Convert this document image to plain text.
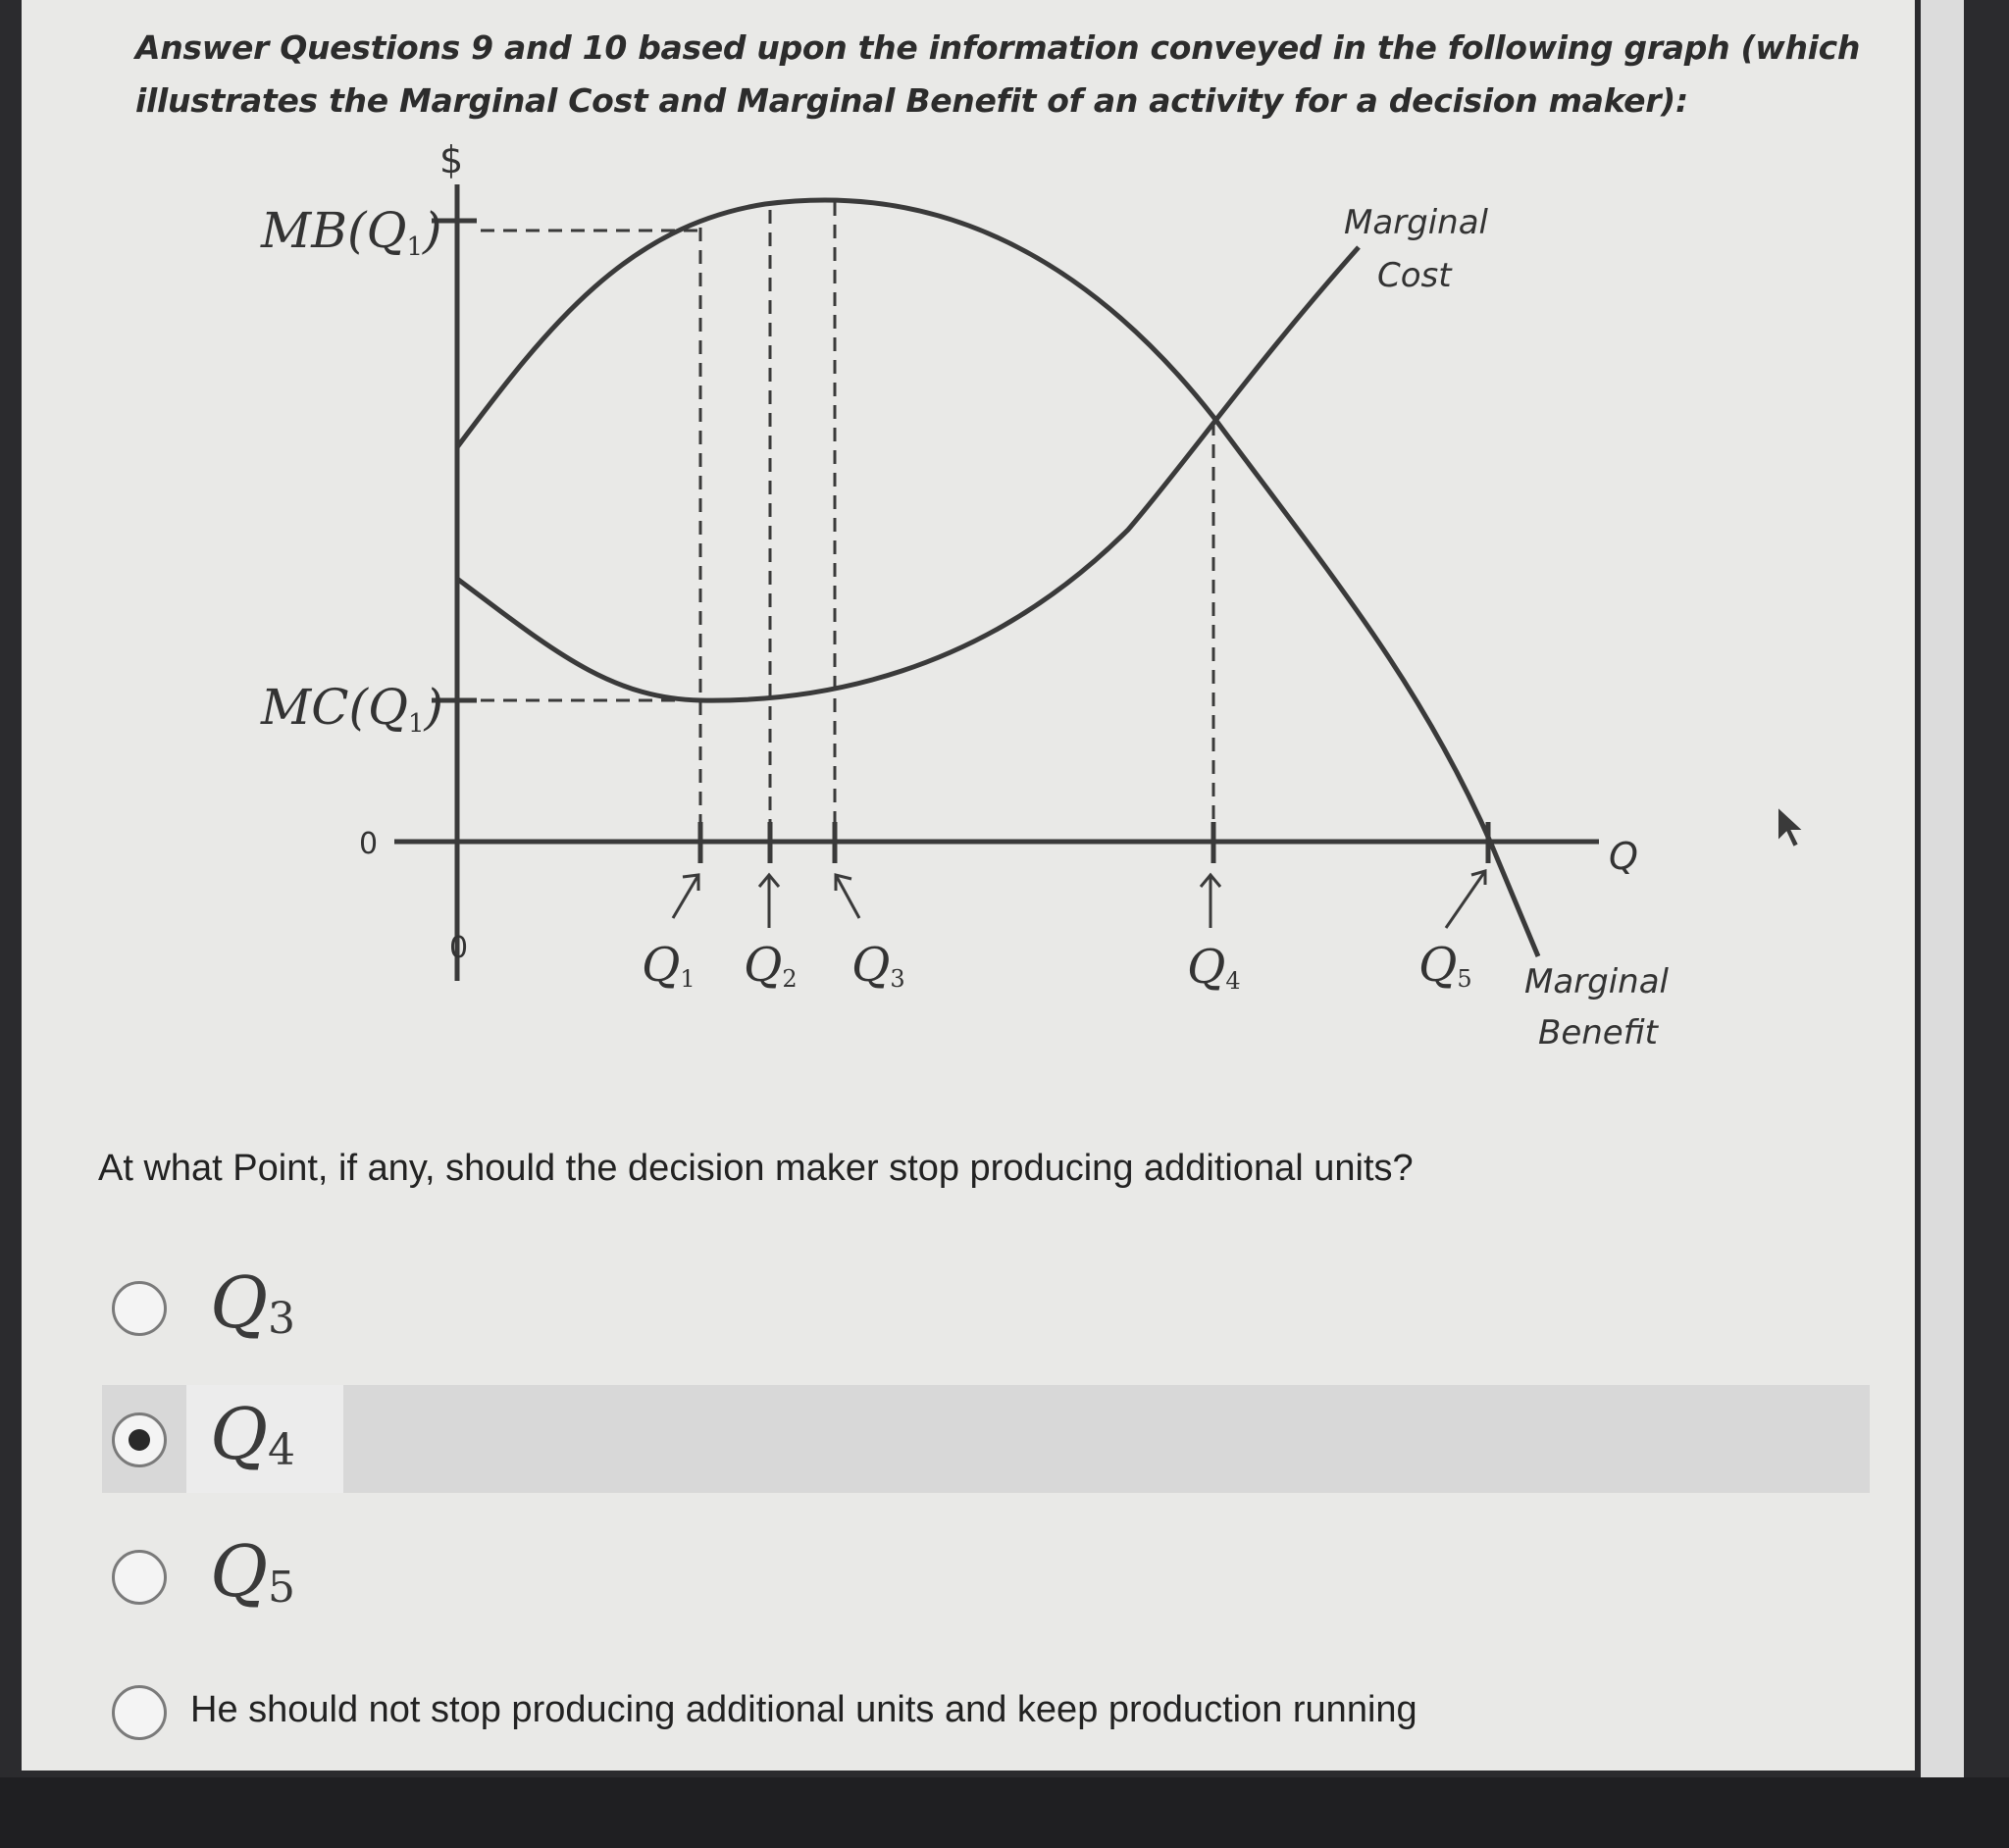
Answer Questions 9 and 10 based upon the information conveyed in the following graph (which illustrates the Marginal Cost and Marginal Benefit of an activity for a decision maker):
$
MB(Q1)
MC(Q1)
0
0
Q
Q1 Q2 Q3	Q4	Q5
Marginal
Cost
Marginal
Benefit
At what Point, if any, should the decision maker stop producing additional units?
$Q_3$
$Q_4$
$Q_5$
He should not stop producing additional units and keep production running
